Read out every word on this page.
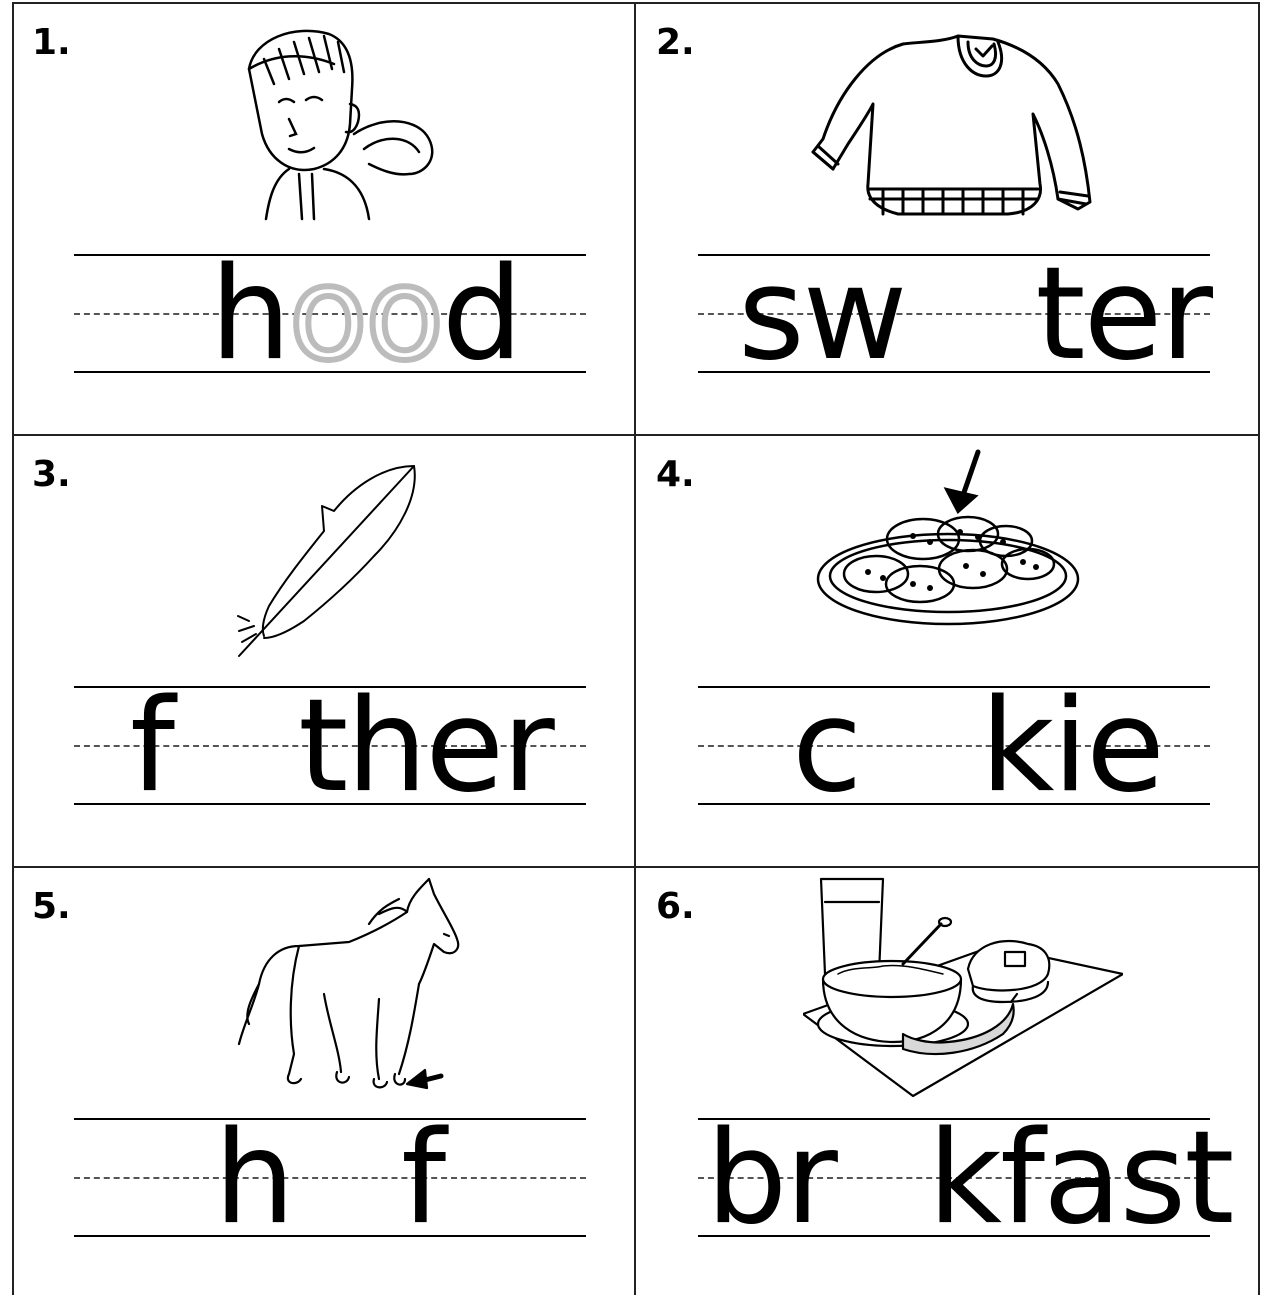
1.
h oo d
2.
sw ter
3.
f ther
4.
c kie
5.
h f
6.
br kfast
